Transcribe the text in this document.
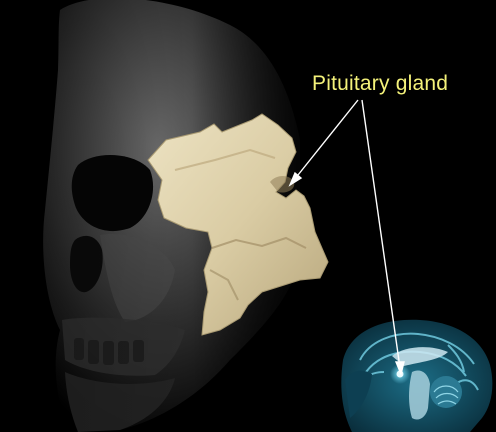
Pituitary gland
